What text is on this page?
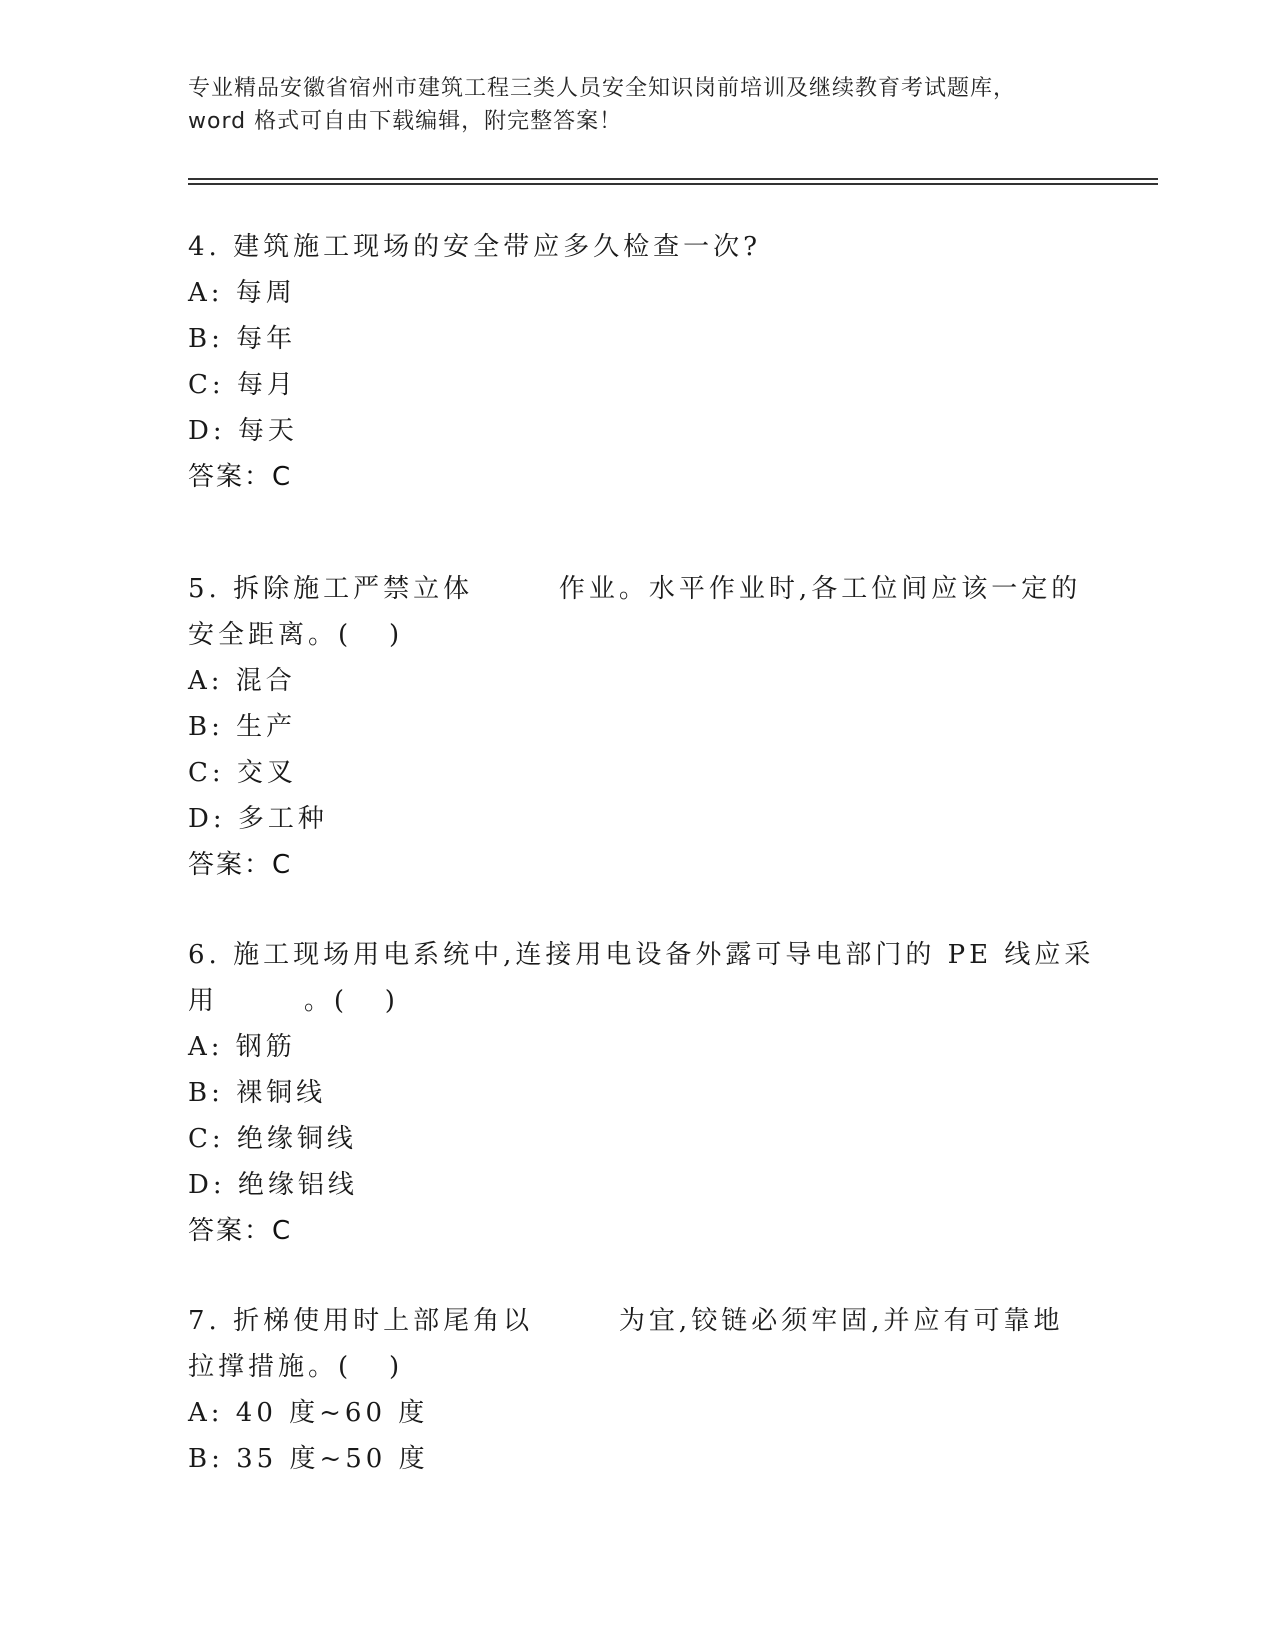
专业精品安徽省宿州市建筑工程三类人员安全知识岗前培训及继续教育考试题库，
word 格式可自由下载编辑，附完整答案！

4. 建筑施工现场的安全带应多久检查一次?

A: 每周

B: 每年

C: 每月

D: 每天

答案：C

5. 拆除施工严禁立体       作业。水平作业时,各工位间应该一定的

安全距离。(   )

A: 混合

B: 生产

C: 交叉

D: 多工种

答案：C

6. 施工现场用电系统中,连接用电设备外露可导电部门的 PE 线应采

用       。(   )

A: 钢筋

B: 裸铜线

C: 绝缘铜线

D: 绝缘铝线

答案：C

7. 折梯使用时上部尾角以       为宜,铰链必须牢固,并应有可靠地

拉撑措施。(   )

A: 40 度~60 度

B: 35 度~50 度
